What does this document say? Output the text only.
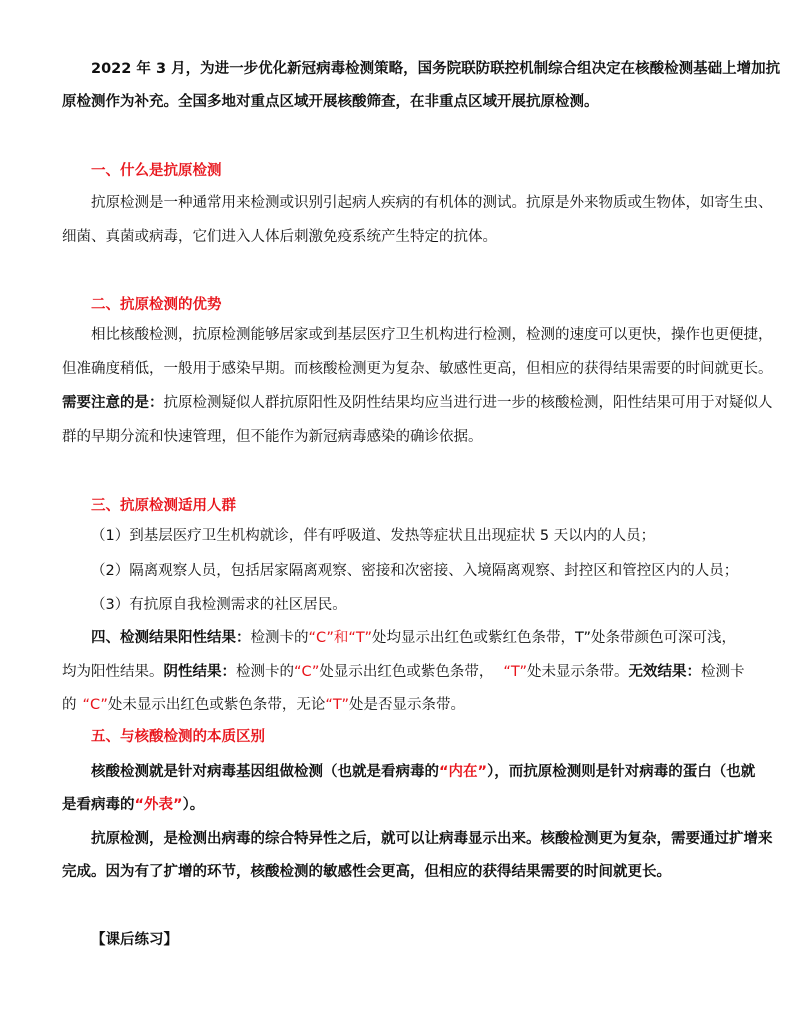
2022 年 3 月，为进一步优化新冠病毒检测策略，国务院联防联控机制综合组决定在核酸检测基础上增加抗
原检测作为补充。全国多地对重点区域开展核酸筛查，在非重点区域开展抗原检测。
一、什么是抗原检测
抗原检测是一种通常用来检测或识别引起病人疾病的有机体的测试。抗原是外来物质或生物体，如寄生虫、
细菌、真菌或病毒，它们进入人体后刺激免疫系统产生特定的抗体。
二、抗原检测的优势
相比核酸检测，抗原检测能够居家或到基层医疗卫生机构进行检测，检测的速度可以更快，操作也更便捷，
但准确度稍低，一般用于感染早期。而核酸检测更为复杂、敏感性更高，但相应的获得结果需要的时间就更长。
需要注意的是：抗原检测疑似人群抗原阳性及阴性结果均应当进行进一步的核酸检测，阳性结果可用于对疑似人
群的早期分流和快速管理，但不能作为新冠病毒感染的确诊依据。
三、抗原检测适用人群
（1）到基层医疗卫生机构就诊，伴有呼吸道、发热等症状且出现症状 5 天以内的人员；
（2）隔离观察人员，包括居家隔离观察、密接和次密接、入境隔离观察、封控区和管控区内的人员；
（3）有抗原自我检测需求的社区居民。
四、检测结果阳性结果：检测卡的“C”和“T”处均显示出红色或紫红色条带，T”处条带颜色可深可浅，
均为阳性结果。阴性结果：检测卡的“C”处显示出红色或紫色条带， “T”处未显示条带。无效结果：检测卡
的 “C”处未显示出红色或紫色条带，无论“T”处是否显示条带。
五、与核酸检测的本质区别
核酸检测就是针对病毒基因组做检测（也就是看病毒的“内在”），而抗原检测则是针对病毒的蛋白（也就
是看病毒的“外表”）。
抗原检测，是检测出病毒的综合特异性之后，就可以让病毒显示出来。核酸检测更为复杂，需要通过扩增来
完成。因为有了扩增的环节，核酸检测的敏感性会更高，但相应的获得结果需要的时间就更长。
【课后练习】
